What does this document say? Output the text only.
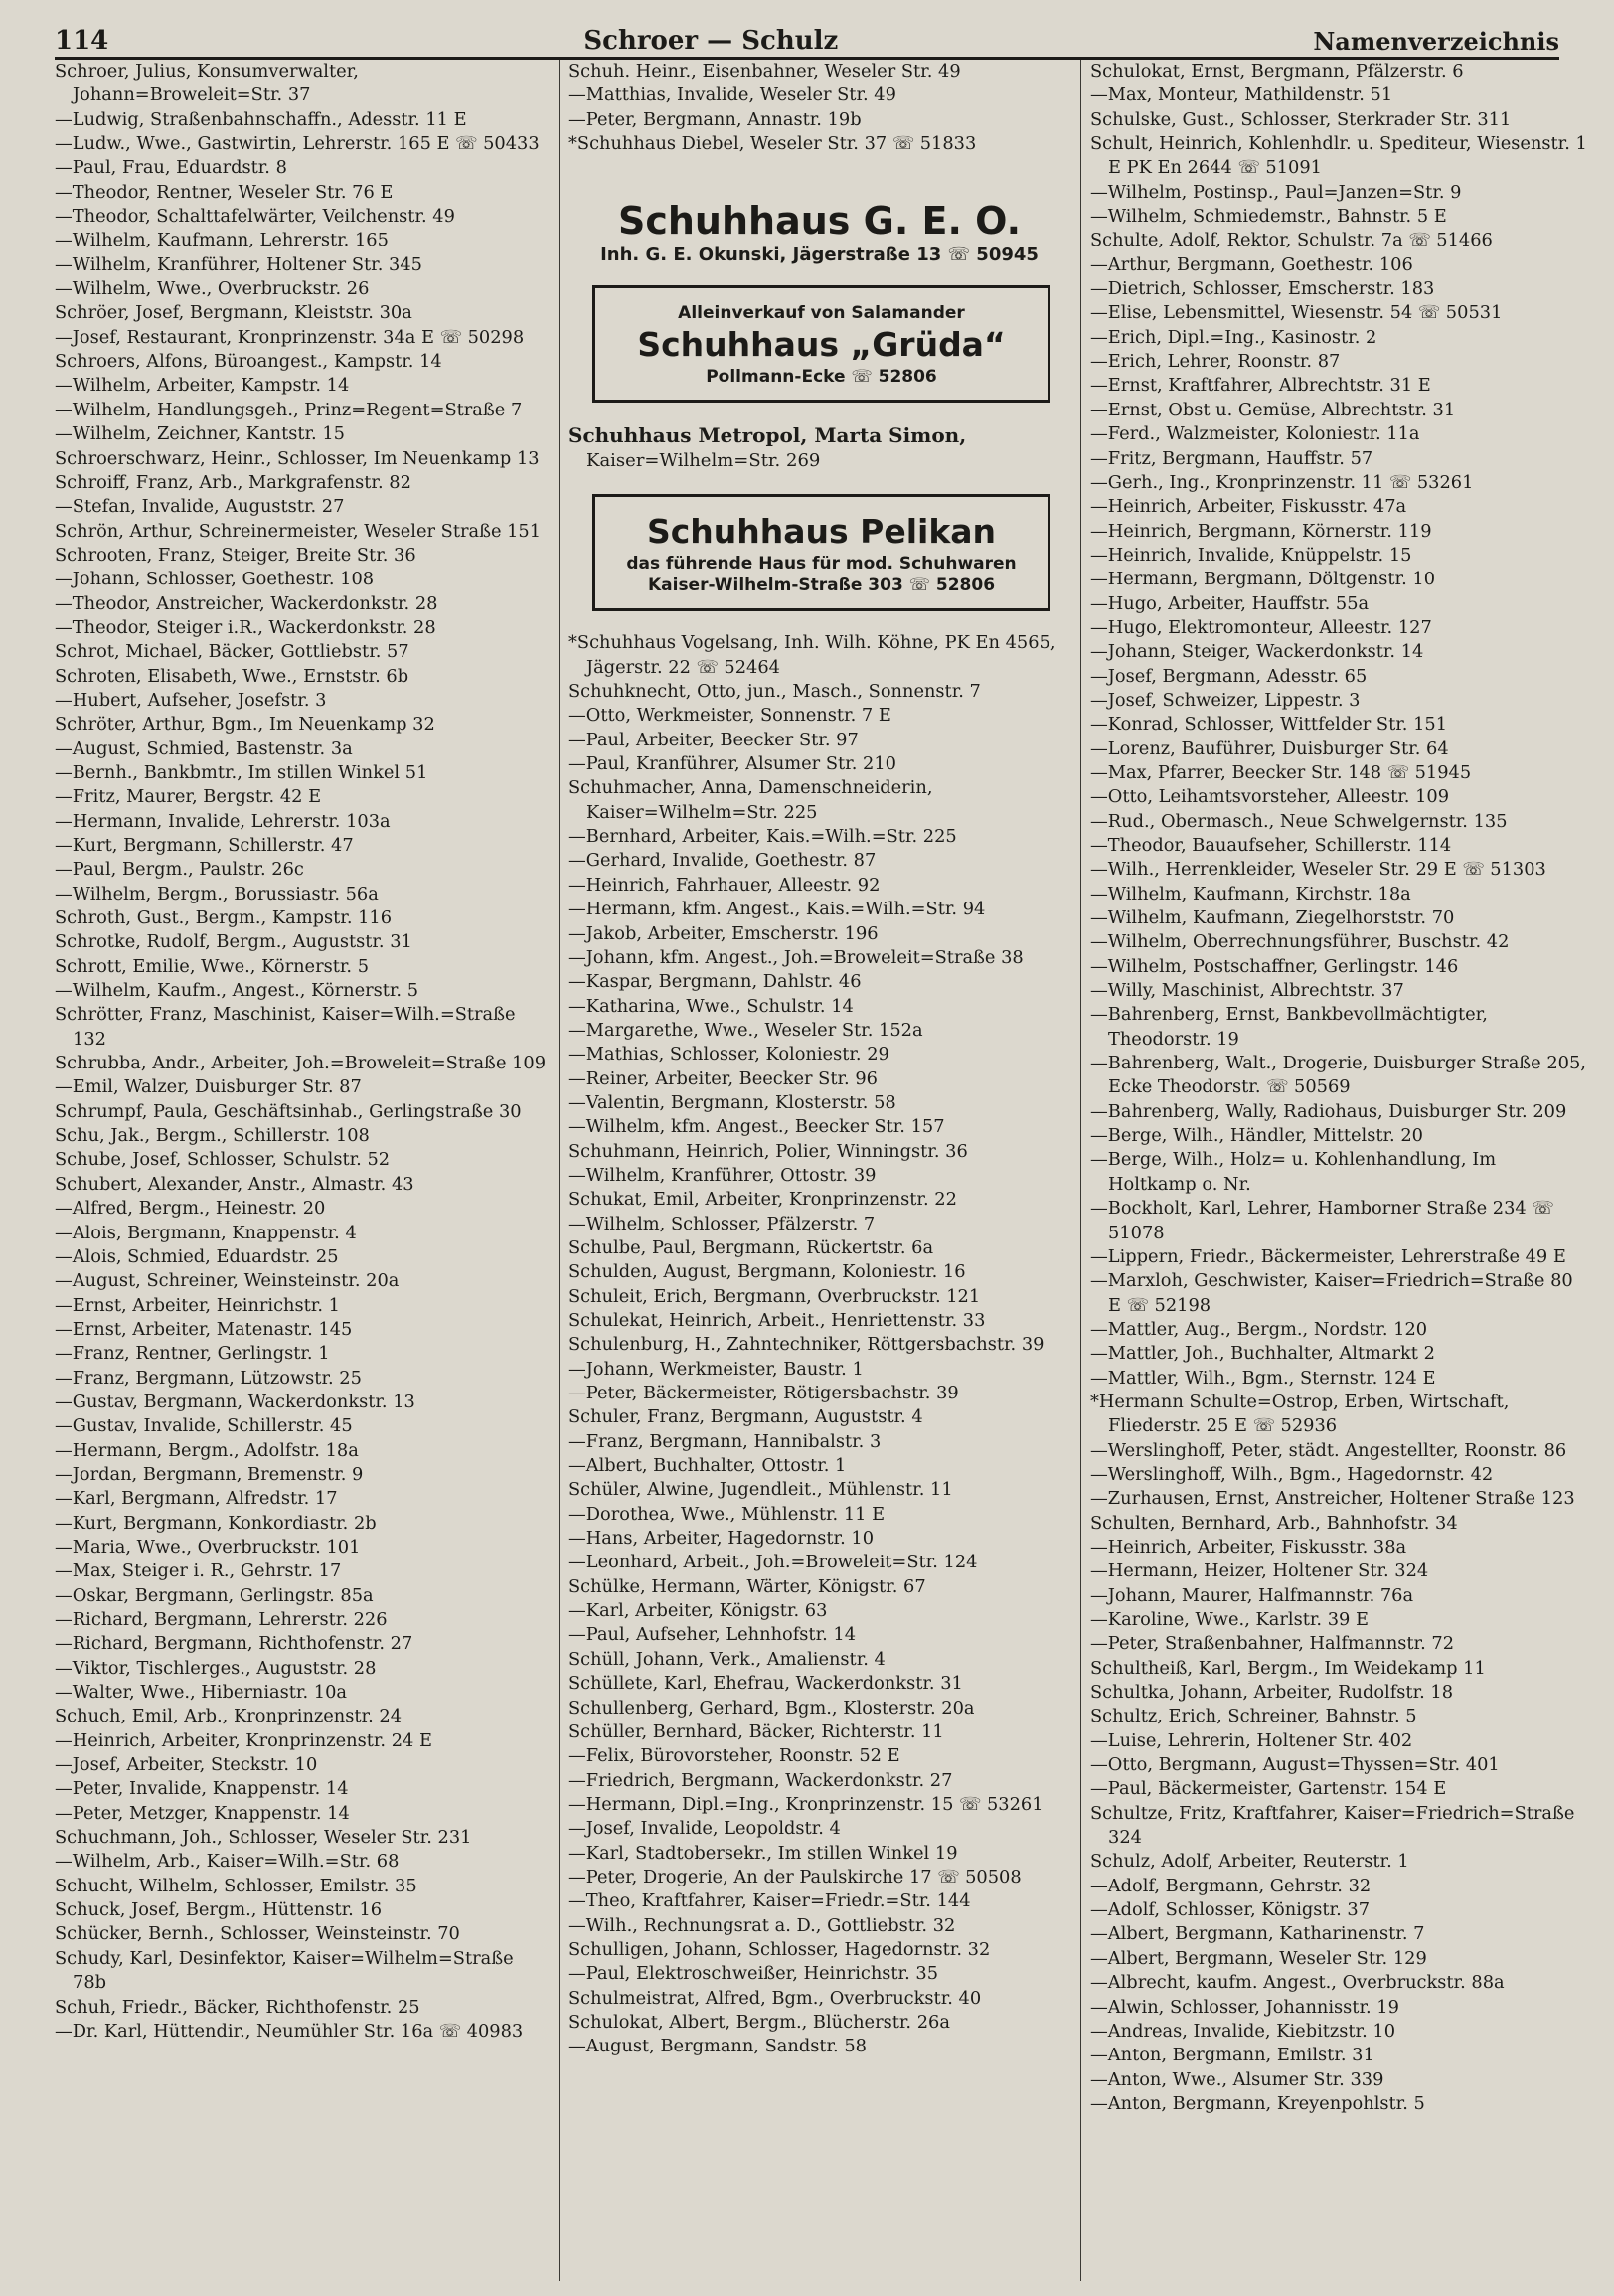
114	Schroer — Schulz	Namenverzeichnis
Schroer, Julius, Konsumverwalter, Johann=Broweleit=Str. 37
—Ludwig, Straßenbahnschaffn., Adesstr. 11 E
—Ludw., Wwe., Gastwirtin, Lehrerstr. 165 E ☏ 50433
—Paul, Frau, Eduardstr. 8
—Theodor, Rentner, Weseler Str. 76 E
—Theodor, Schalttafelwärter, Veilchenstr. 49
—Wilhelm, Kaufmann, Lehrerstr. 165
—Wilhelm, Kranführer, Holtener Str. 345
—Wilhelm, Wwe., Overbruckstr. 26
Schröer, Josef, Bergmann, Kleiststr. 30a
—Josef, Restaurant, Kronprinzenstr. 34a E ☏ 50298
Schroers, Alfons, Büroangest., Kampstr. 14
—Wilhelm, Arbeiter, Kampstr. 14
—Wilhelm, Handlungsgeh., Prinz=Regent=Straße 7
—Wilhelm, Zeichner, Kantstr. 15
Schroerschwarz, Heinr., Schlosser, Im Neuenkamp 13
Schroiff, Franz, Arb., Markgrafenstr. 82
—Stefan, Invalide, Auguststr. 27
Schrön, Arthur, Schreinermeister, Weseler Straße 151
Schrooten, Franz, Steiger, Breite Str. 36
—Johann, Schlosser, Goethestr. 108
—Theodor, Anstreicher, Wackerdonkstr. 28
—Theodor, Steiger i.R., Wackerdonkstr. 28
Schrot, Michael, Bäcker, Gottliebstr. 57
Schroten, Elisabeth, Wwe., Ernststr. 6b
—Hubert, Aufseher, Josefstr. 3
Schröter, Arthur, Bgm., Im Neuenkamp 32
—August, Schmied, Bastenstr. 3a
—Bernh., Bankbmtr., Im stillen Winkel 51
—Fritz, Maurer, Bergstr. 42 E
—Hermann, Invalide, Lehrerstr. 103a
—Kurt, Bergmann, Schillerstr. 47
—Paul, Bergm., Paulstr. 26c
—Wilhelm, Bergm., Borussiastr. 56a
Schroth, Gust., Bergm., Kampstr. 116
Schrotke, Rudolf, Bergm., Auguststr. 31
Schrott, Emilie, Wwe., Körnerstr. 5
—Wilhelm, Kaufm., Angest., Körnerstr. 5
Schrötter, Franz, Maschinist, Kaiser=Wilh.=Straße 132
Schrubba, Andr., Arbeiter, Joh.=Broweleit=Straße 109
—Emil, Walzer, Duisburger Str. 87
Schrumpf, Paula, Geschäftsinhab., Gerlingstraße 30
Schu, Jak., Bergm., Schillerstr. 108
Schube, Josef, Schlosser, Schulstr. 52
Schubert, Alexander, Anstr., Almastr. 43
—Alfred, Bergm., Heinestr. 20
—Alois, Bergmann, Knappenstr. 4
—Alois, Schmied, Eduardstr. 25
—August, Schreiner, Weinsteinstr. 20a
—Ernst, Arbeiter, Heinrichstr. 1
—Ernst, Arbeiter, Matenastr. 145
—Franz, Rentner, Gerlingstr. 1
—Franz, Bergmann, Lützowstr. 25
—Gustav, Bergmann, Wackerdonkstr. 13
—Gustav, Invalide, Schillerstr. 45
—Hermann, Bergm., Adolfstr. 18a
—Jordan, Bergmann, Bremenstr. 9
—Karl, Bergmann, Alfredstr. 17
—Kurt, Bergmann, Konkordiastr. 2b
—Maria, Wwe., Overbruckstr. 101
—Max, Steiger i. R., Gehrstr. 17
—Oskar, Bergmann, Gerlingstr. 85a
—Richard, Bergmann, Lehrerstr. 226
—Richard, Bergmann, Richthofenstr. 27
—Viktor, Tischlerges., Auguststr. 28
—Walter, Wwe., Hiberniastr. 10a
Schuch, Emil, Arb., Kronprinzenstr. 24
—Heinrich, Arbeiter, Kronprinzenstr. 24 E
—Josef, Arbeiter, Steckstr. 10
—Peter, Invalide, Knappenstr. 14
—Peter, Metzger, Knappenstr. 14
Schuchmann, Joh., Schlosser, Weseler Str. 231
—Wilhelm, Arb., Kaiser=Wilh.=Str. 68
Schucht, Wilhelm, Schlosser, Emilstr. 35
Schuck, Josef, Bergm., Hüttenstr. 16
Schücker, Bernh., Schlosser, Weinsteinstr. 70
Schudy, Karl, Desinfektor, Kaiser=Wilhelm=Straße 78b
Schuh, Friedr., Bäcker, Richthofenstr. 25
—Dr. Karl, Hüttendir., Neumühler Str. 16a ☏ 40983
Schuh. Heinr., Eisenbahner, Weseler Str. 49
—Matthias, Invalide, Weseler Str. 49
—Peter, Bergmann, Annastr. 19b
*Schuhhaus Diebel, Weseler Str. 37 ☏ 51833
Schuhhaus G. E. O.
Inh. G. E. Okunski, Jägerstraße 13 ☏ 50945
Alleinverkauf von Salamander
Schuhhaus „Grüda“
Pollmann-Ecke ☏ 52806
Schuhhaus Metropol, Marta Simon,
Kaiser=Wilhelm=Str. 269
Schuhhaus Pelikan
das führende Haus für mod. Schuhwaren
Kaiser-Wilhelm-Straße 303 ☏ 52806
*Schuhhaus Vogelsang, Inh. Wilh. Köhne, PK En 4565, Jägerstr. 22 ☏ 52464
Schuhknecht, Otto, jun., Masch., Sonnenstr. 7
—Otto, Werkmeister, Sonnenstr. 7 E
—Paul, Arbeiter, Beecker Str. 97
—Paul, Kranführer, Alsumer Str. 210
Schuhmacher, Anna, Damenschneiderin, Kaiser=Wilhelm=Str. 225
—Bernhard, Arbeiter, Kais.=Wilh.=Str. 225
—Gerhard, Invalide, Goethestr. 87
—Heinrich, Fahrhauer, Alleestr. 92
—Hermann, kfm. Angest., Kais.=Wilh.=Str. 94
—Jakob, Arbeiter, Emscherstr. 196
—Johann, kfm. Angest., Joh.=Broweleit=Straße 38
—Kaspar, Bergmann, Dahlstr. 46
—Katharina, Wwe., Schulstr. 14
—Margarethe, Wwe., Weseler Str. 152a
—Mathias, Schlosser, Koloniestr. 29
—Reiner, Arbeiter, Beecker Str. 96
—Valentin, Bergmann, Klosterstr. 58
—Wilhelm, kfm. Angest., Beecker Str. 157
Schuhmann, Heinrich, Polier, Winningstr. 36
—Wilhelm, Kranführer, Ottostr. 39
Schukat, Emil, Arbeiter, Kronprinzenstr. 22
—Wilhelm, Schlosser, Pfälzerstr. 7
Schulbe, Paul, Bergmann, Rückertstr. 6a
Schulden, August, Bergmann, Koloniestr. 16
Schuleit, Erich, Bergmann, Overbruckstr. 121
Schulekat, Heinrich, Arbeit., Henriettenstr. 33
Schulenburg, H., Zahntechniker, Röttgersbachstr. 39
—Johann, Werkmeister, Baustr. 1
—Peter, Bäckermeister, Rötigersbachstr. 39
Schuler, Franz, Bergmann, Auguststr. 4
—Franz, Bergmann, Hannibalstr. 3
—Albert, Buchhalter, Ottostr. 1
Schüler, Alwine, Jugendleit., Mühlenstr. 11
—Dorothea, Wwe., Mühlenstr. 11 E
—Hans, Arbeiter, Hagedornstr. 10
—Leonhard, Arbeit., Joh.=Broweleit=Str. 124
Schülke, Hermann, Wärter, Königstr. 67
—Karl, Arbeiter, Königstr. 63
—Paul, Aufseher, Lehnhofstr. 14
Schüll, Johann, Verk., Amalienstr. 4
Schüllete, Karl, Ehefrau, Wackerdonkstr. 31
Schullenberg, Gerhard, Bgm., Klosterstr. 20a
Schüller, Bernhard, Bäcker, Richterstr. 11
—Felix, Bürovorsteher, Roonstr. 52 E
—Friedrich, Bergmann, Wackerdonkstr. 27
—Hermann, Dipl.=Ing., Kronprinzenstr. 15 ☏ 53261
—Josef, Invalide, Leopoldstr. 4
—Karl, Stadtobersekr., Im stillen Winkel 19
—Peter, Drogerie, An der Paulskirche 17 ☏ 50508
—Theo, Kraftfahrer, Kaiser=Friedr.=Str. 144
—Wilh., Rechnungsrat a. D., Gottliebstr. 32
Schulligen, Johann, Schlosser, Hagedornstr. 32
—Paul, Elektroschweißer, Heinrichstr. 35
Schulmeistrat, Alfred, Bgm., Overbruckstr. 40
Schulokat, Albert, Bergm., Blücherstr. 26a
—August, Bergmann, Sandstr. 58
Schulokat, Ernst, Bergmann, Pfälzerstr. 6
—Max, Monteur, Mathildenstr. 51
Schulske, Gust., Schlosser, Sterkrader Str. 311
Schult, Heinrich, Kohlenhdlr. u. Spediteur, Wiesenstr. 1 E PK En 2644 ☏ 51091
—Wilhelm, Postinsp., Paul=Janzen=Str. 9
—Wilhelm, Schmiedemstr., Bahnstr. 5 E
Schulte, Adolf, Rektor, Schulstr. 7a ☏ 51466
—Arthur, Bergmann, Goethestr. 106
—Dietrich, Schlosser, Emscherstr. 183
—Elise, Lebensmittel, Wiesenstr. 54 ☏ 50531
—Erich, Dipl.=Ing., Kasinostr. 2
—Erich, Lehrer, Roonstr. 87
—Ernst, Kraftfahrer, Albrechtstr. 31 E
—Ernst, Obst u. Gemüse, Albrechtstr. 31
—Ferd., Walzmeister, Koloniestr. 11a
—Fritz, Bergmann, Hauffstr. 57
—Gerh., Ing., Kronprinzenstr. 11 ☏ 53261
—Heinrich, Arbeiter, Fiskusstr. 47a
—Heinrich, Bergmann, Körnerstr. 119
—Heinrich, Invalide, Knüppelstr. 15
—Hermann, Bergmann, Döltgenstr. 10
—Hugo, Arbeiter, Hauffstr. 55a
—Hugo, Elektromonteur, Alleestr. 127
—Johann, Steiger, Wackerdonkstr. 14
—Josef, Bergmann, Adesstr. 65
—Josef, Schweizer, Lippestr. 3
—Konrad, Schlosser, Wittfelder Str. 151
—Lorenz, Bauführer, Duisburger Str. 64
—Max, Pfarrer, Beecker Str. 148 ☏ 51945
—Otto, Leihamtsvorsteher, Alleestr. 109
—Rud., Obermasch., Neue Schwelgernstr. 135
—Theodor, Bauaufseher, Schillerstr. 114
—Wilh., Herrenkleider, Weseler Str. 29 E ☏ 51303
—Wilhelm, Kaufmann, Kirchstr. 18a
—Wilhelm, Kaufmann, Ziegelhorststr. 70
—Wilhelm, Oberrechnungsführer, Buschstr. 42
—Wilhelm, Postschaffner, Gerlingstr. 146
—Willy, Maschinist, Albrechtstr. 37
—Bahrenberg, Ernst, Bankbevollmächtigter, Theodorstr. 19
—Bahrenberg, Walt., Drogerie, Duisburger Straße 205, Ecke Theodorstr. ☏ 50569
—Bahrenberg, Wally, Radiohaus, Duisburger Str. 209
—Berge, Wilh., Händler, Mittelstr. 20
—Berge, Wilh., Holz= u. Kohlenhandlung, Im Holtkamp o. Nr.
—Bockholt, Karl, Lehrer, Hamborner Straße 234 ☏ 51078
—Lippern, Friedr., Bäckermeister, Lehrerstraße 49 E
—Marxloh, Geschwister, Kaiser=Friedrich=Straße 80 E ☏ 52198
—Mattler, Aug., Bergm., Nordstr. 120
—Mattler, Joh., Buchhalter, Altmarkt 2
—Mattler, Wilh., Bgm., Sternstr. 124 E
*Hermann Schulte=Ostrop, Erben, Wirtschaft, Fliederstr. 25 E ☏ 52936
—Werslinghoff, Peter, städt. Angestellter, Roonstr. 86
—Werslinghoff, Wilh., Bgm., Hagedornstr. 42
—Zurhausen, Ernst, Anstreicher, Holtener Straße 123
Schulten, Bernhard, Arb., Bahnhofstr. 34
—Heinrich, Arbeiter, Fiskusstr. 38a
—Hermann, Heizer, Holtener Str. 324
—Johann, Maurer, Halfmannstr. 76a
—Karoline, Wwe., Karlstr. 39 E
—Peter, Straßenbahner, Halfmannstr. 72
Schultheiß, Karl, Bergm., Im Weidekamp 11
Schultka, Johann, Arbeiter, Rudolfstr. 18
Schultz, Erich, Schreiner, Bahnstr. 5
—Luise, Lehrerin, Holtener Str. 402
—Otto, Bergmann, August=Thyssen=Str. 401
—Paul, Bäckermeister, Gartenstr. 154 E
Schultze, Fritz, Kraftfahrer, Kaiser=Friedrich=Straße 324
Schulz, Adolf, Arbeiter, Reuterstr. 1
—Adolf, Bergmann, Gehrstr. 32
—Adolf, Schlosser, Königstr. 37
—Albert, Bergmann, Katharinenstr. 7
—Albert, Bergmann, Weseler Str. 129
—Albrecht, kaufm. Angest., Overbruckstr. 88a
—Alwin, Schlosser, Johannisstr. 19
—Andreas, Invalide, Kiebitzstr. 10
—Anton, Bergmann, Emilstr. 31
—Anton, Wwe., Alsumer Str. 339
—Anton, Bergmann, Kreyenpohlstr. 5
